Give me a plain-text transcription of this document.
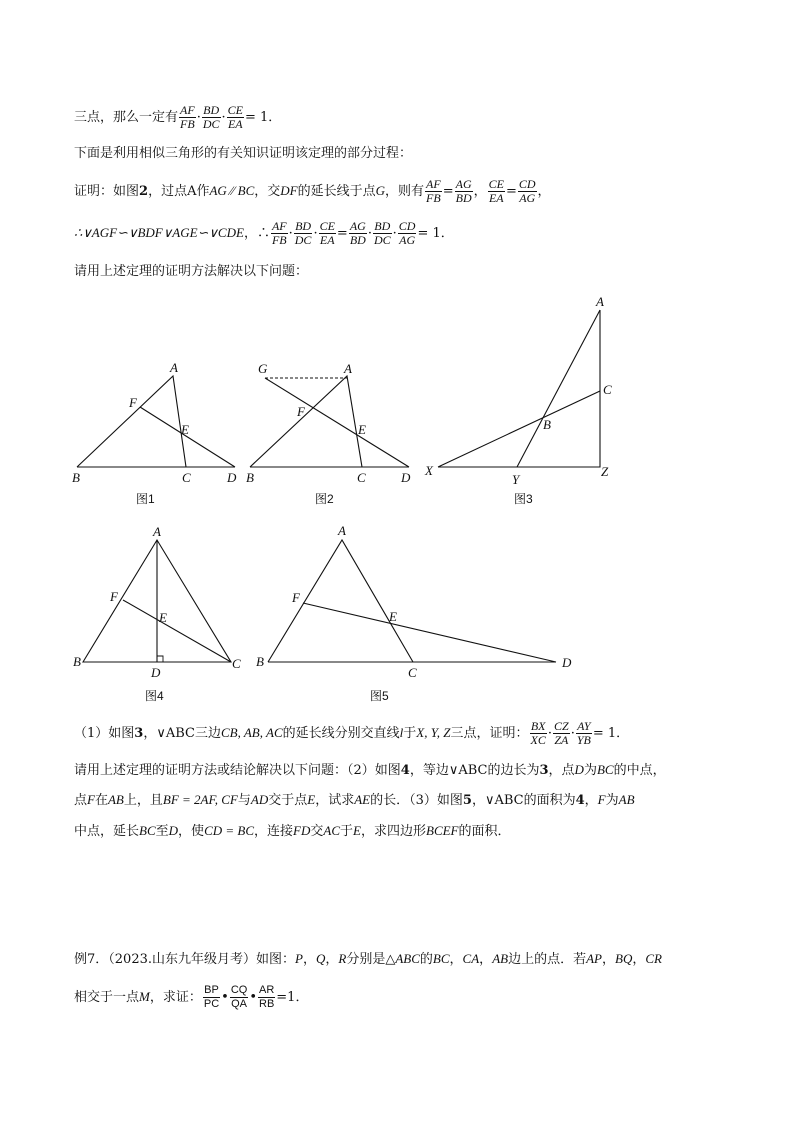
三点，那么一定有 $\frac{AF}{FB} \cdot \frac{BD}{DC} \cdot \frac{CE}{EA} = 1$．
下面是利用相似三角形的有关知识证明该定理的部分过程：
证明：如图2，过点A作AG ∕∕ BC，交DF的延长线于点G，则有 $\frac{AF}{FB} = \frac{AG}{BD}$ ， $\frac{CE}{EA} = \frac{CD}{AG}$ ，
∴∨AGF∽∨BDF∨AGE∽∨CDE，∴ $\frac{AF}{FB} \cdot \frac{BD}{DC} \cdot \frac{CE}{EA} = \frac{AG}{BD} \cdot \frac{BD}{DC} \cdot \frac{CD}{AG} = 1$．
请用上述定理的证明方法解决以下问题：
A
F
E
B	C	D
图1
G	A
F
E
B	C	D
图2
A
C
B
X
Y
Z
图3
A
F
E
B
D
C
图4
A
F
E
B
C
D
图5
（1）如图3，∨ABC三边CB, AB, AC的延长线分别交直线l于X, Y, Z三点，证明： $\frac{BX}{XC} \cdot \frac{CZ}{ZA} \cdot \frac{AY}{YB} = 1$．
请用上述定理的证明方法或结论解决以下问题：（2）如图4，等边∨ABC的边长为3，点D为BC的中点，
点F在AB上，且BF = 2AF, CF与AD交于点E，试求AE的长．（3）如图5，∨ABC的面积为4，F为AB
中点，延长BC至D，使CD = BC，连接FD交AC于E，求四边形BCEF的面积．
例7．（2023.山东九年级月考）如图：P，Q，R分别是△ABC的BC，CA，AB边上的点．若AP，BQ，CR
相交于一点M，求证： $\frac{BP}{PC}$ • $\frac{CQ}{QA}$ • $\frac{AR}{RB} =1$．
